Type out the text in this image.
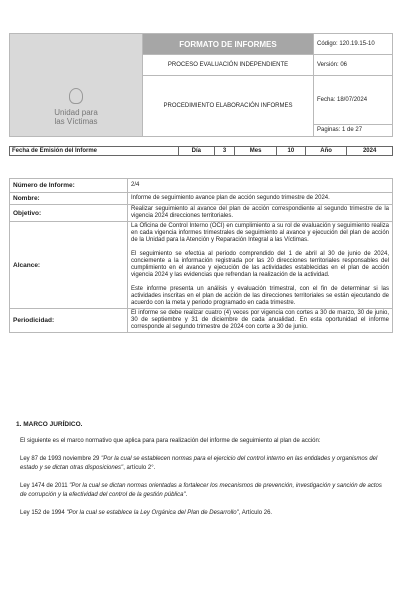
Unidad para
las Víctimas	FORMATO DE INFORMES	Código: 120.19.15-10
	PROCESO EVALUACIÓN INDEPENDIENTE	Versión: 06
	PROCEDIMIENTO ELABORACIÓN INFORMES	Fecha: 18/07/2024
		Paginas: 1 de 27
Fecha de Emisión del Informe	Día	3	Mes	10	Año	2024
Número de Informe:	2/4
Nombre:	Informe de seguimiento avance plan de acción segundo trimestre de 2024.
Objetivo:	Realizar seguimiento al avance del plan de acción correspondiente al segundo trimestre de la vigencia 2024 direcciones territoriales.

Alcance:	La Oficina de Control Interno (OCI) en cumplimiento a su rol de evaluación y seguimiento realiza en cada vigencia informes trimestrales de seguimiento al avance y ejecución del plan de acción de la Unidad para la Atención y Reparación Integral a las Víctimas.

El seguimiento se efectúa al periodo comprendido del 1 de abril al 30 de junio de 2024, conciemente a la información registrada por las 20 direcciones territoriales responsables del cumplimiento en el avance y ejecución de las actividades establecidas en el plan de acción vigencia 2024 y las evidencias que refrendan la realización de la actividad.

Este informe presenta un análisis y evaluación trimestral, con el fin de determinar si las actividades inscritas en el plan de acción de las direcciones territoriales se están ejecutando de acuerdo con la meta y periodo programado en cada trimestre.

Periodicidad:	El informe se debe realizar cuatro (4) veces por vigencia con cortes a 30 de marzo, 30 de junio, 30 de septiembre y 31 de diciembre de cada anualidad. En esta oportunidad el informe corresponde al segundo trimestre de 2024 con corte a 30 de junio.

1. MARCO JURÍDICO.

El siguiente es el marco normativo que aplica para para realización del informe de seguimiento al plan de acción:

Ley 87 de 1993 noviembre 29 "Por la cual se establecen normas para el ejercicio del control interno en las entidades y organismos del estado y se dictan otras disposiciones", artículo 2°.

Ley 1474 de 2011 "Por la cual se dictan normas orientadas a fortalecer los mecanismos de prevención, investigación y sanción de actos de corrupción y la efectividad del control de la gestión pública".

Ley 152 de 1994 "Por la cual se establece la Ley Orgánica del Plan de Desarrollo", Artículo 26.
